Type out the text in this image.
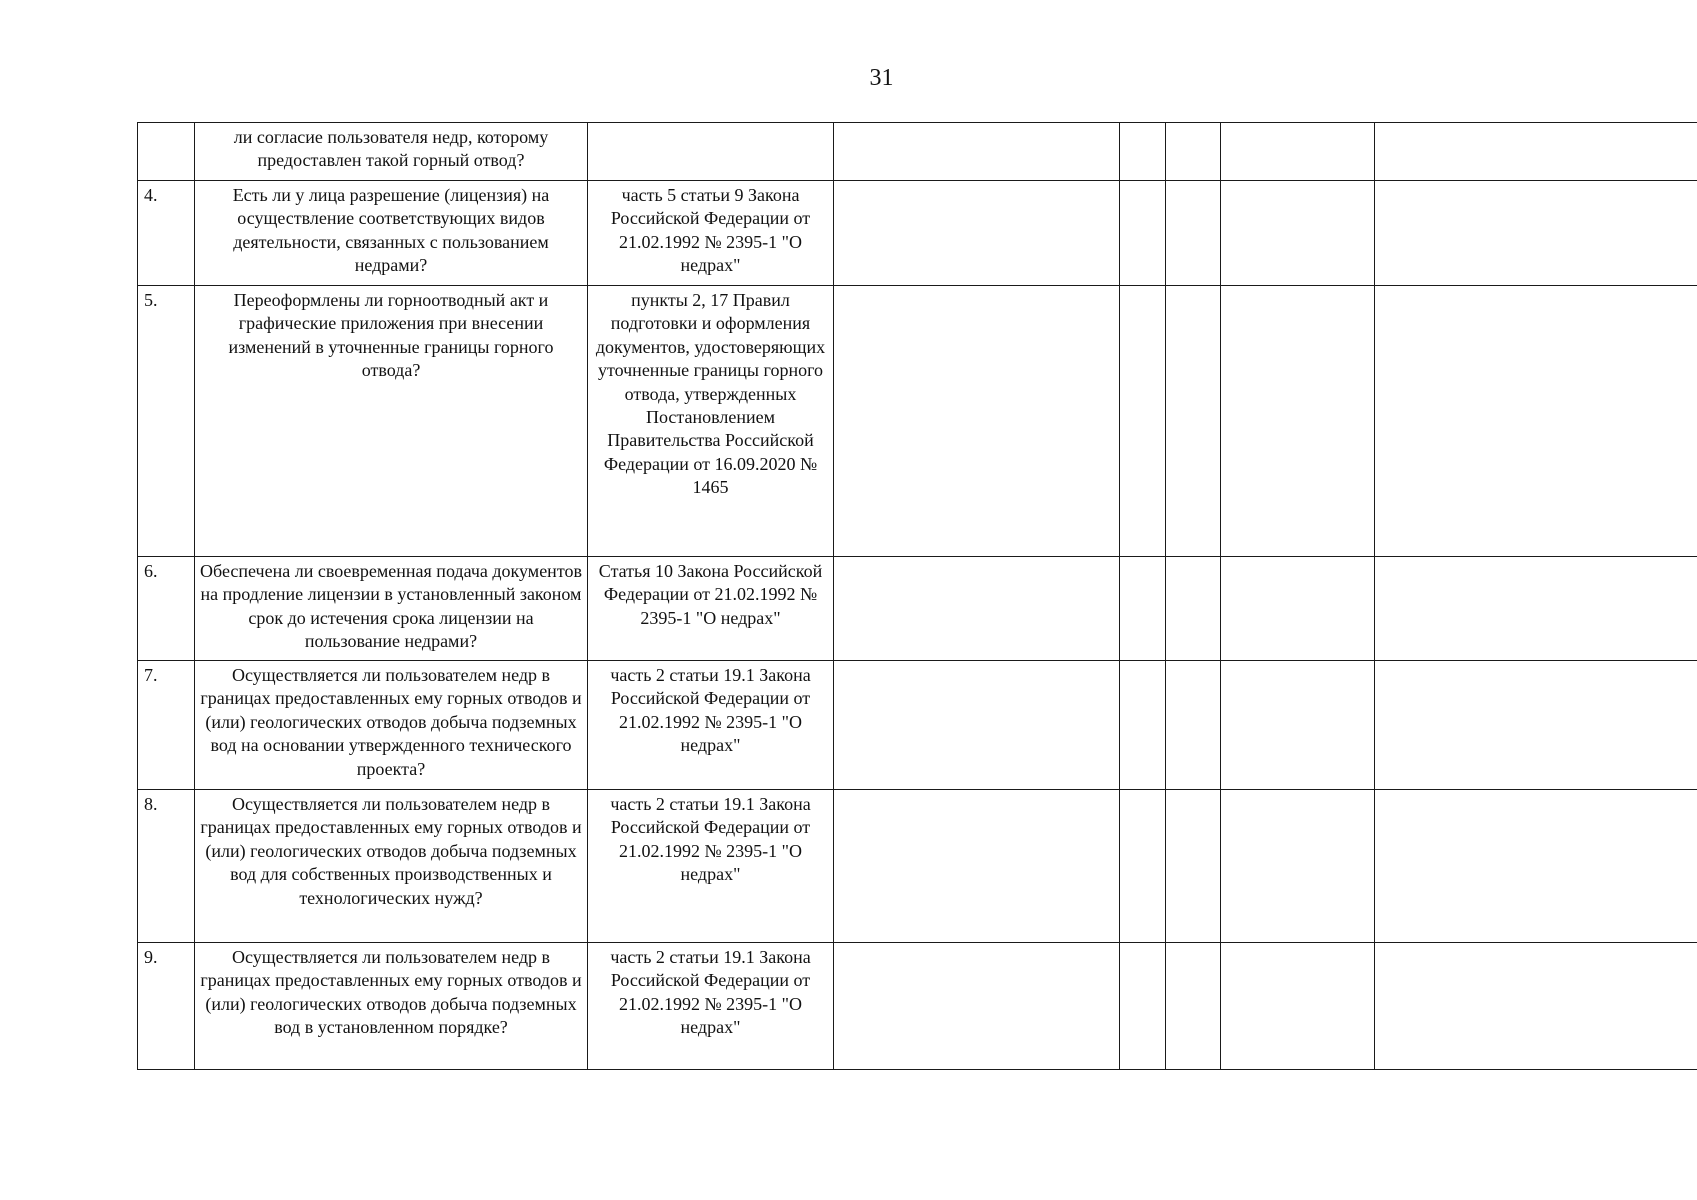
31
	ли согласие пользователя недр, которому предоставлен такой горный отвод?						
4.	Есть ли у лица разрешение (лицензия) на осуществление соответствующих видов деятельности, связанных с пользованием недрами?	часть 5 статьи 9 Закона Российской Федерации от 21.02.1992 № 2395-1 "О недрах"					
5.	Переоформлены ли горноотводный акт и графические приложения при внесении изменений в уточненные границы горного отвода?	пункты 2, 17 Правил подготовки и оформления документов, удостоверяющих уточненные границы горного отвода, утвержденных Постановлением Правительства Российской Федерации от 16.09.2020 № 1465					
6.	Обеспечена ли своевременная подача документов на продление лицензии в установленный законом срок до истечения срока лицензии на пользование недрами?	Статья 10 Закона Российской Федерации от 21.02.1992 № 2395-1 "О недрах"					
7.	Осуществляется ли пользователем недр в границах предоставленных ему горных отводов и (или) геологических отводов добыча подземных вод на основании утвержденного технического проекта?	часть 2 статьи 19.1 Закона Российской Федерации от 21.02.1992 № 2395-1 "О недрах"					
8.	Осуществляется ли пользователем недр в границах предоставленных ему горных отводов и (или) геологических отводов добыча подземных вод для собственных производственных и технологических нужд?	часть 2 статьи 19.1 Закона Российской Федерации от 21.02.1992 № 2395-1 "О недрах"					
9.	Осуществляется ли пользователем недр в границах предоставленных ему горных отводов и (или) геологических отводов добыча подземных вод в установленном порядке?	часть 2 статьи 19.1 Закона Российской Федерации от 21.02.1992 № 2395-1 "О недрах"					
